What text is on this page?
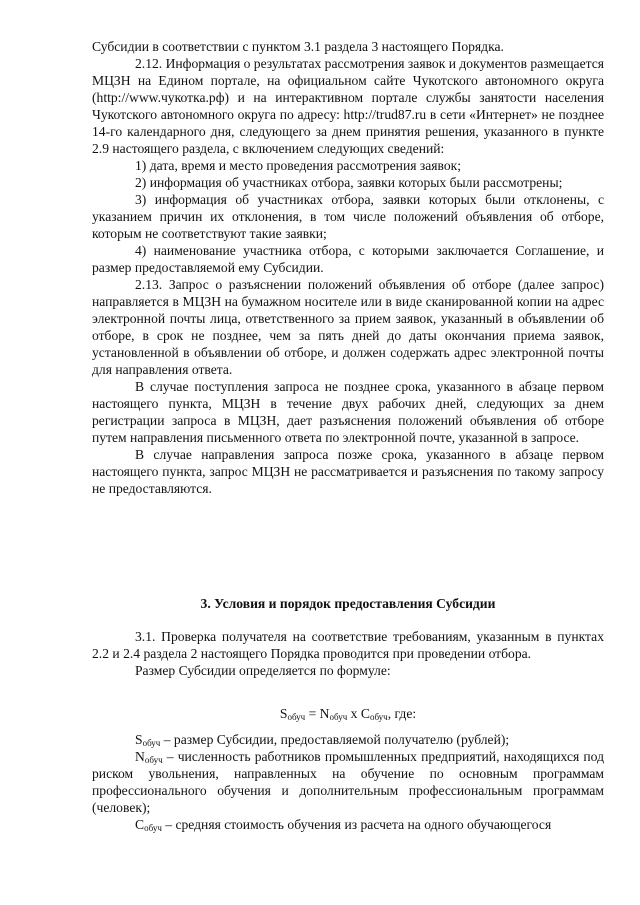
Субсидии в соответствии с пунктом 3.1 раздела 3 настоящего Порядка.

2.12. Информация о результатах рассмотрения заявок и документов размещается МЦЗН на Едином портале, на официальном сайте Чукотского автономного округа (http://www.чукотка.рф) и на интерактивном портале службы занятости населения Чукотского автономного округа по адресу: http://trud87.ru в сети «Интернет» не позднее 14-го календарного дня, следующего за днем принятия решения, указанного в пункте 2.9 настоящего раздела, с включением следующих сведений:

1) дата, время и место проведения рассмотрения заявок;

2) информация об участниках отбора, заявки которых были рассмотрены;

3) информация об участниках отбора, заявки которых были отклонены, с указанием причин их отклонения, в том числе положений объявления об отборе, которым не соответствуют такие заявки;

4) наименование участника отбора, с которыми заключается Соглашение, и размер предоставляемой ему Субсидии.

2.13. Запрос о разъяснении положений объявления об отборе (далее запрос) направляется в МЦЗН на бумажном носителе или в виде сканированной копии на адрес электронной почты лица, ответственного за прием заявок, указанный в объявлении об отборе, в срок не позднее, чем за пять дней до даты окончания приема заявок, установленной в объявлении об отборе, и должен содержать адрес электронной почты для направления ответа.

В случае поступления запроса не позднее срока, указанного в абзаце первом настоящего пункта, МЦЗН в течение двух рабочих дней, следующих за днем регистрации запроса в МЦЗН, дает разъяснения положений объявления об отборе путем направления письменного ответа по электронной почте, указанной в запросе.

В случае направления запроса позже срока, указанного в абзаце первом настоящего пункта, запрос МЦЗН не рассматривается и разъяснения по такому запросу не предоставляются.

3. Условия и порядок предоставления Субсидии

3.1. Проверка получателя на соответствие требованиям, указанным в пунктах 2.2 и 2.4 раздела 2 настоящего Порядка проводится при проведении отбора.

Размер Субсидии определяется по формуле:

$S_{обуч} = N_{обуч}$ х $C_{обуч}$, где:

$S_{обуч}$ – размер Субсидии, предоставляемой получателю (рублей);

$N_{обуч}$ – численность работников промышленных предприятий, находящихся под риском увольнения, направленных на обучение по основным программам профессионального обучения и дополнительным профессиональным программам (человек);

$C_{обуч}$ – средняя стоимость обучения из расчета на одного обучающегося
